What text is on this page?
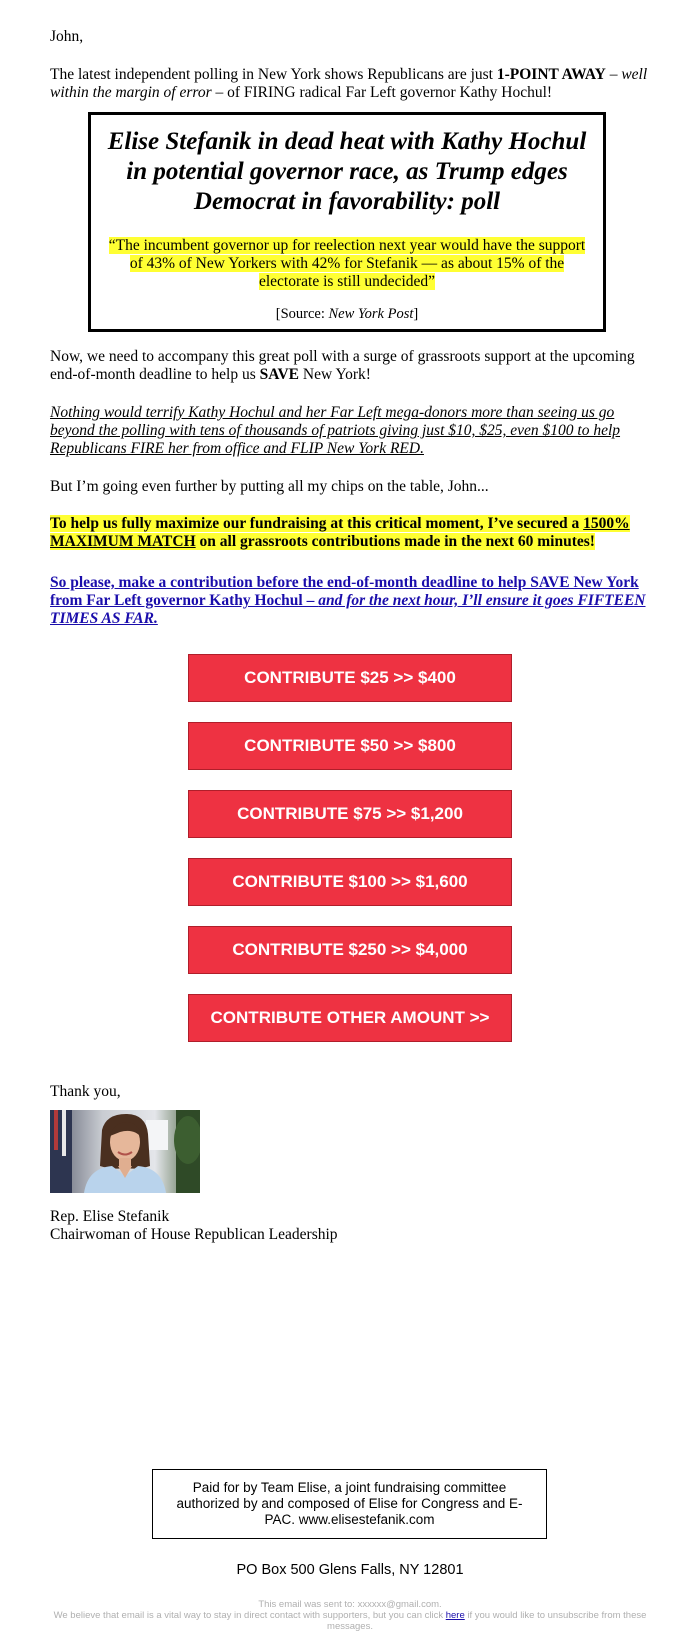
John,

The latest independent polling in New York shows Republicans are just 1-POINT AWAY – well within the margin of error – of FIRING radical Far Left governor Kathy Hochul!

Elise Stefanik in dead heat with Kathy Hochul in potential governor race, as Trump edges Democrat in favorability: poll
“The incumbent governor up for reelection next year would have the support of 43% of New Yorkers with 42% for Stefanik — as about 15% of the electorate is still undecided”
[Source: New York Post]

Now, we need to accompany this great poll with a surge of grassroots support at the upcoming end-of-month deadline to help us SAVE New York!

Nothing would terrify Kathy Hochul and her Far Left mega-donors more than seeing us go beyond the polling with tens of thousands of patriots giving just $10, $25, even $100 to help Republicans FIRE her from office and FLIP New York RED.

But I’m going even further by putting all my chips on the table, John...

To help us fully maximize our fundraising at this critical moment, I’ve secured a 1500% MAXIMUM MATCH on all grassroots contributions made in the next 60 minutes!

So please, make a contribution before the end-of-month deadline to help SAVE New York from Far Left governor Kathy Hochul – and for the next hour, I’ll ensure it goes FIFTEEN TIMES AS FAR.

CONTRIBUTE $25 >> $400
CONTRIBUTE $50 >> $800
CONTRIBUTE $75 >> $1,200
CONTRIBUTE $100 >> $1,600
CONTRIBUTE $250 >> $4,000
CONTRIBUTE OTHER AMOUNT >>

Thank you,

Rep. Elise Stefanik

Chairwoman of House Republican Leadership

Paid for by Team Elise, a joint fundraising committee authorized by and composed of Elise for Congress and E-PAC. www.elisestefanik.com
PO Box 500 Glens Falls, NY 12801
This email was sent to: xxxxxx@gmail.com.
We believe that email is a vital way to stay in direct contact with supporters, but you can click here if you would like to unsubscribe from these messages.
